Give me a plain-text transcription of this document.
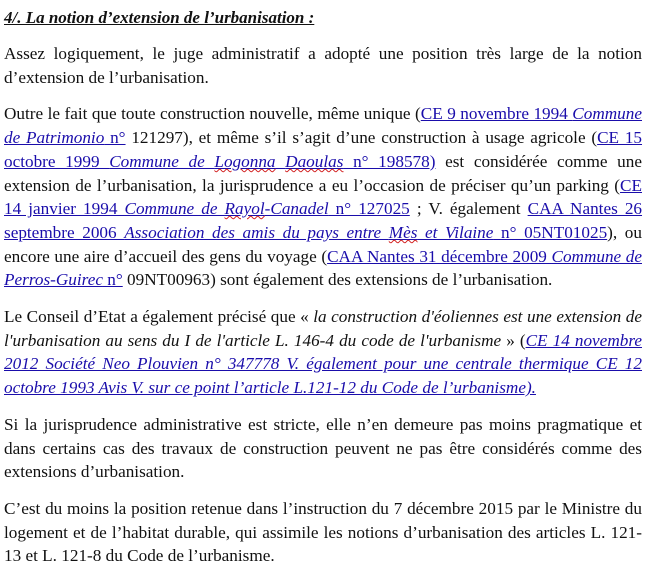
4/. La notion d’extension de l’urbanisation :

Assez logiquement, le juge administratif a adopté une position très large de la notion d’extension de l’urbanisation.

Outre le fait que toute construction nouvelle, même unique (CE 9 novembre 1994 Commune de Patrimonio n° 121297), et même s’il s’agit d’une construction à usage agricole (CE 15 octobre 1999 Commune de Logonna Daoulas n° 198578) est considérée comme une extension de l’urbanisation, la jurisprudence a eu l’occasion de préciser qu’un parking (CE 14 janvier 1994 Commune de Rayol-Canadel n° 127025 ; V. également CAA Nantes 26 septembre 2006 Association des amis du pays entre Mès et Vilaine n° 05NT01025), ou encore une aire d’accueil des gens du voyage (CAA Nantes 31 décembre 2009 Commune de Perros-Guirec n° 09NT00963) sont également des extensions de l’urbanisation.

Le Conseil d’Etat a également précisé que « la construction d'éoliennes est une extension de l'urbanisation au sens du I de l'article L. 146-4 du code de l'urbanisme » (CE 14 novembre 2012 Société Neo Plouvien n° 347778 V. également pour une centrale thermique CE 12 octobre 1993 Avis V. sur ce point l’article L.121-12 du Code de l’urbanisme).

Si la jurisprudence administrative est stricte, elle n’en demeure pas moins pragmatique et dans certains cas des travaux de construction peuvent ne pas être considérés comme des extensions d’urbanisation.

C’est du moins la position retenue dans l’instruction du 7 décembre 2015 par le Ministre du logement et de l’habitat durable, qui assimile les notions d’urbanisation des articles L. 121-13 et L. 121-8 du Code de l’urbanisme.
